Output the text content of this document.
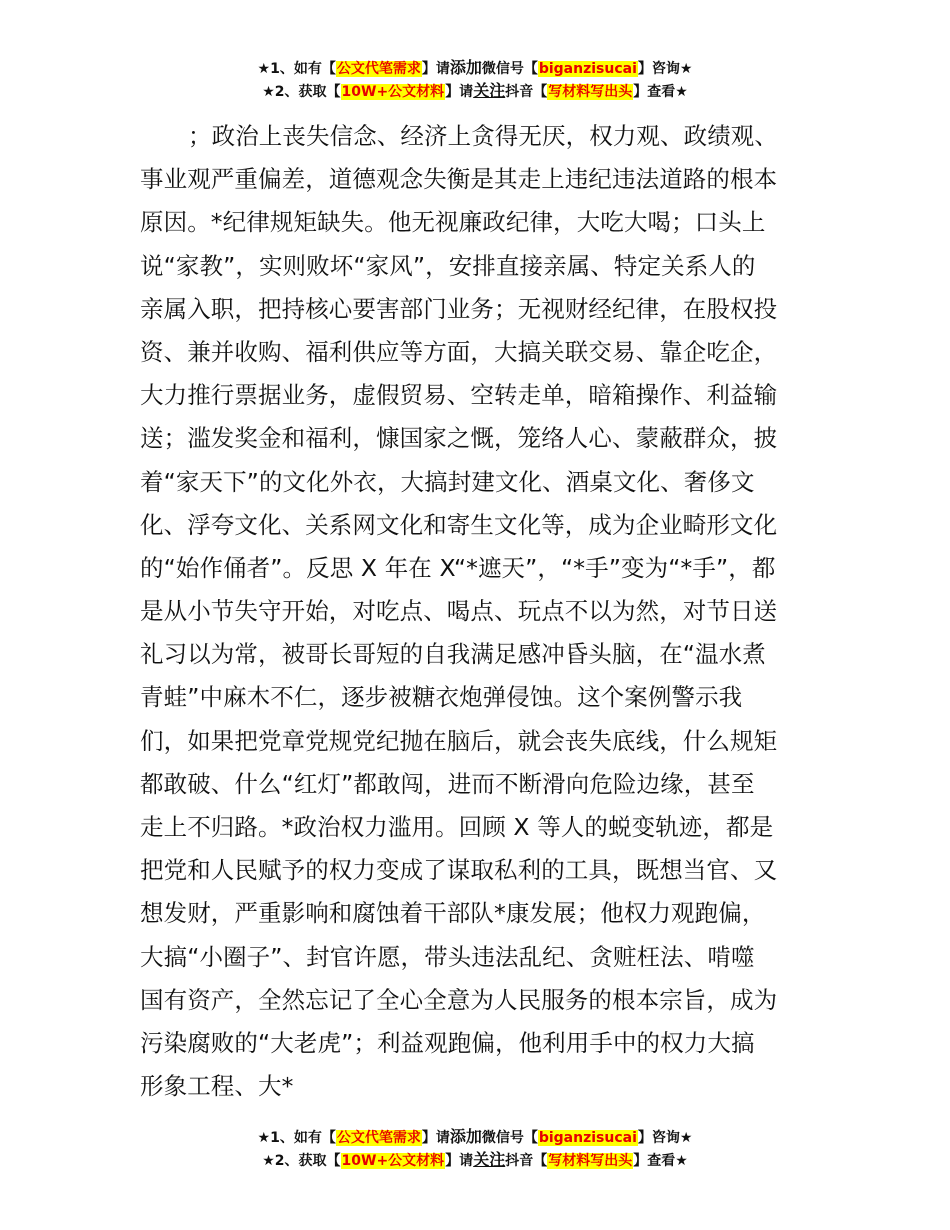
★1、如有【公文代笔需求】请添加微信号【biganzisucai】咨询★
★2、获取【10W+公文材料】请关注抖音【写材料写出头】查看★
；政治上丧失信念、经济上贪得无厌，权力观、政绩观、
事业观严重偏差，道德观念失衡是其走上违纪违法道路的根本
原因。*纪律规矩缺失。他无视廉政纪律，大吃大喝；口头上
说“家教”，实则败坏“家风”，安排直接亲属、特定关系人的
亲属入职，把持核心要害部门业务；无视财经纪律，在股权投
资、兼并收购、福利供应等方面，大搞关联交易、靠企吃企，
大力推行票据业务，虚假贸易、空转走单，暗箱操作、利益输
送；滥发奖金和福利，慷国家之慨，笼络人心、蒙蔽群众，披
着“家天下”的文化外衣，大搞封建文化、酒桌文化、奢侈文
化、浮夸文化、关系网文化和寄生文化等，成为企业畸形文化
的“始作俑者”。反思 X 年在 X“*遮天”，“*手”变为“*手”，都
是从小节失守开始，对吃点、喝点、玩点不以为然，对节日送
礼习以为常，被哥长哥短的自我满足感冲昏头脑，在“温水煮
青蛙”中麻木不仁，逐步被糖衣炮弹侵蚀。这个案例警示我
们，如果把党章党规党纪抛在脑后，就会丧失底线，什么规矩
都敢破、什么“红灯”都敢闯，进而不断滑向危险边缘，甚至
走上不归路。*政治权力滥用。回顾 X 等人的蜕变轨迹，都是
把党和人民赋予的权力变成了谋取私利的工具，既想当官、又
想发财，严重影响和腐蚀着干部队*康发展；他权力观跑偏，
大搞“小圈子”、封官许愿，带头违法乱纪、贪赃枉法、啃噬
国有资产，全然忘记了全心全意为人民服务的根本宗旨，成为
污染腐败的“大老虎”；利益观跑偏，他利用手中的权力大搞
形象工程、大*
★1、如有【公文代笔需求】请添加微信号【biganzisucai】咨询★
★2、获取【10W+公文材料】请关注抖音【写材料写出头】查看★
